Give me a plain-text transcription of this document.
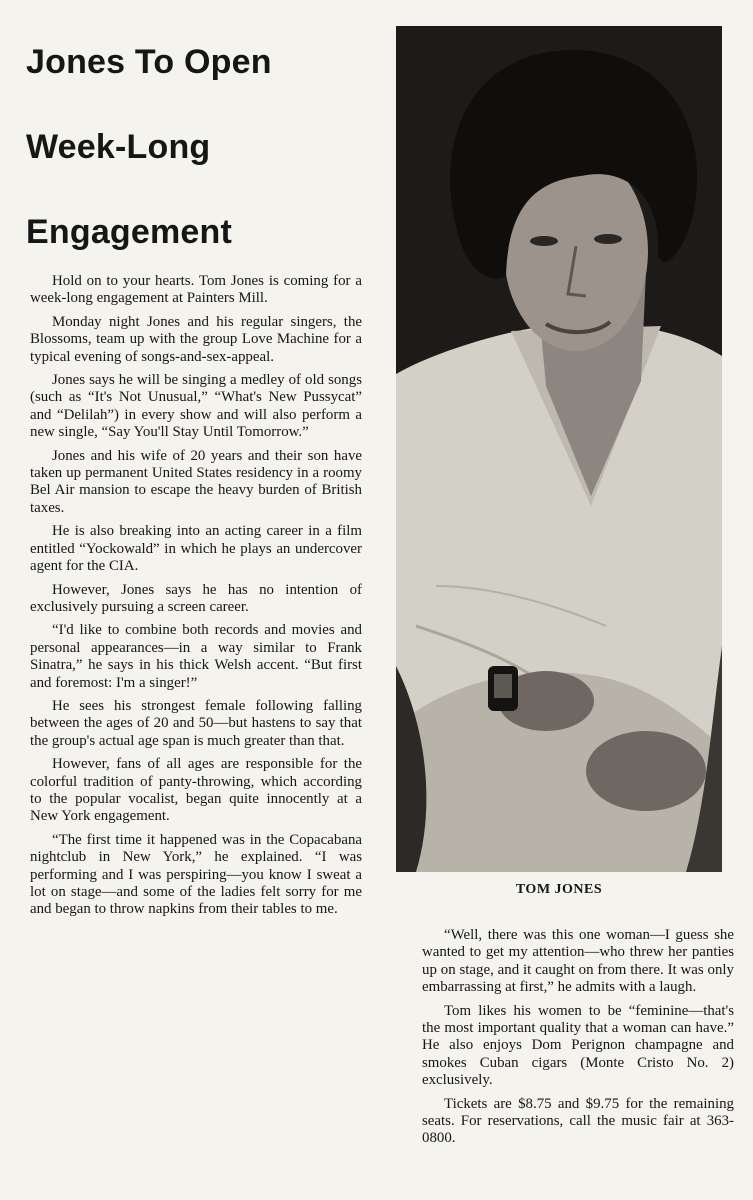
Jones To Open Week-Long Engagement

Hold on to your hearts. Tom Jones is coming for a week-long engagement at Painters Mill.

Monday night Jones and his regular singers, the Blossoms, team up with the group Love Machine for a typical evening of songs-and-sex-appeal.

Jones says he will be singing a medley of old songs (such as “It's Not Unusual,” “What's New Pussycat” and “Delilah”) in every show and will also perform a new single, “Say You'll Stay Until Tomorrow.”

Jones and his wife of 20 years and their son have taken up permanent United States residency in a roomy Bel Air mansion to escape the heavy burden of British taxes.

He is also breaking into an acting career in a film entitled “Yockowald” in which he plays an undercover agent for the CIA.

However, Jones says he has no intention of exclusively pursuing a screen career.

“I'd like to combine both records and movies and personal appearances—in a way similar to Frank Sinatra,” he says in his thick Welsh accent. “But first and foremost: I'm a singer!”

He sees his strongest female following falling between the ages of 20 and 50—but hastens to say that the group's actual age span is much greater than that.

However, fans of all ages are responsible for the colorful tradition of panty-throwing, which according to the popular vocalist, began quite innocently at a New York engagement.

“The first time it happened was in the Copacabana nightclub in New York,” he explained. “I was performing and I was perspiring—you know I sweat a lot on stage—and some of the ladies felt sorry for me and began to throw napkins from their tables to me.

TOM JONES

“Well, there was this one woman—I guess she wanted to get my attention—who threw her panties up on stage, and it caught on from there. It was only embarrassing at first,” he admits with a laugh.

Tom likes his women to be “feminine—that's the most important quality that a woman can have.” He also enjoys Dom Perignon champagne and smokes Cuban cigars (Monte Cristo No. 2) exclusively.

Tickets are $8.75 and $9.75 for the remaining seats. For reservations, call the music fair at 363-0800.
